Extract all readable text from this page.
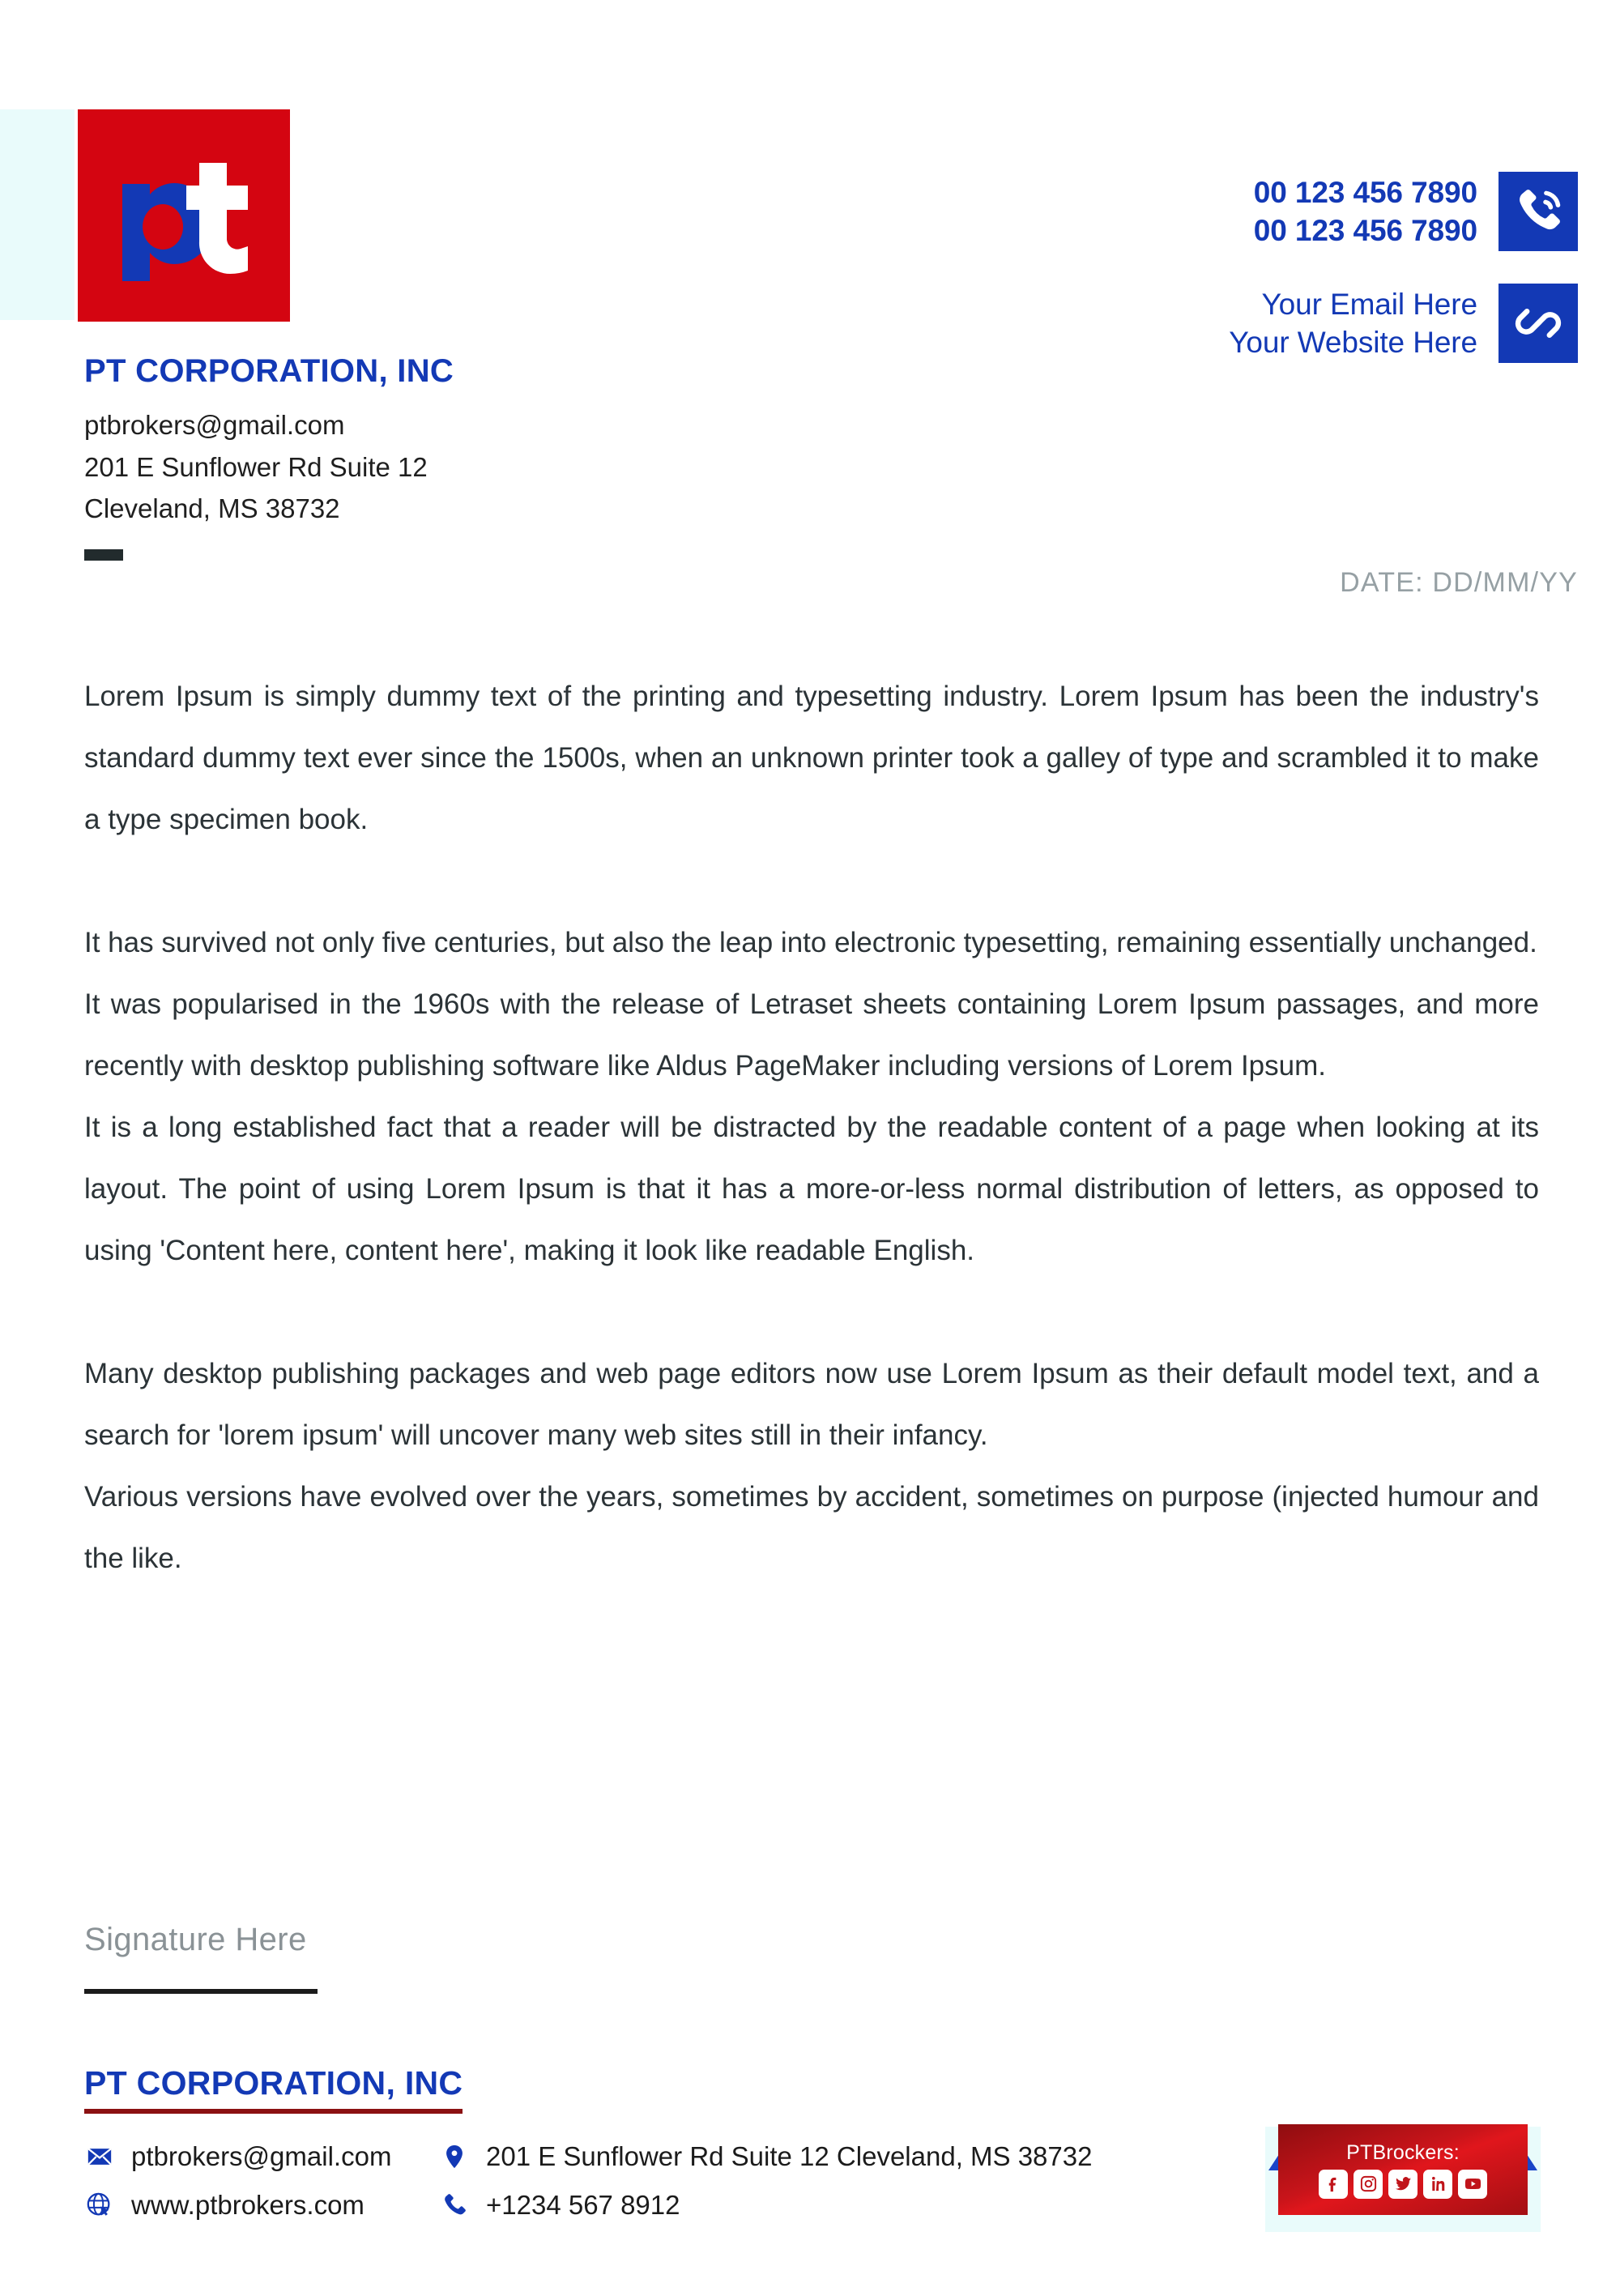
00 123 456 7890
00 123 456 7890
Your Email Here
Your Website Here
PT CORPORATION, INC
ptbrokers@gmail.com
201 E Sunflower Rd Suite 12
Cleveland, MS 38732
DATE: DD/MM/YY
Lorem Ipsum is simply dummy text of the printing and typesetting industry. Lorem Ipsum has been the industry's standard dummy text ever since the 1500s, when an unknown printer took a galley of type and scrambled it to make a type specimen book.
It has survived not only five centuries, but also the leap into electronic typesetting, remaining essentially unchanged.
It was popularised in the 1960s with the release of Letraset sheets containing Lorem Ipsum passages, and more recently with desktop publishing software like Aldus PageMaker including versions of Lorem Ipsum.
It is a long established fact that a reader will be distracted by the readable content of a page when looking at its layout. The point of using Lorem Ipsum is that it has a more-or-less normal distribution of letters, as opposed to using 'Content here, content here', making it look like readable English.
Many desktop publishing packages and web page editors now use Lorem Ipsum as their default model text, and a search for 'lorem ipsum' will uncover many web sites still in their infancy.
Various versions have evolved over the years, sometimes by accident, sometimes on purpose (injected humour and the like.
Signature Here
PT CORPORATION, INC
ptbrokers@gmail.com	201 E Sunflower Rd Suite 12 Cleveland, MS 38732
www.ptbrokers.com	+1234 567 8912
PTBrockers:
